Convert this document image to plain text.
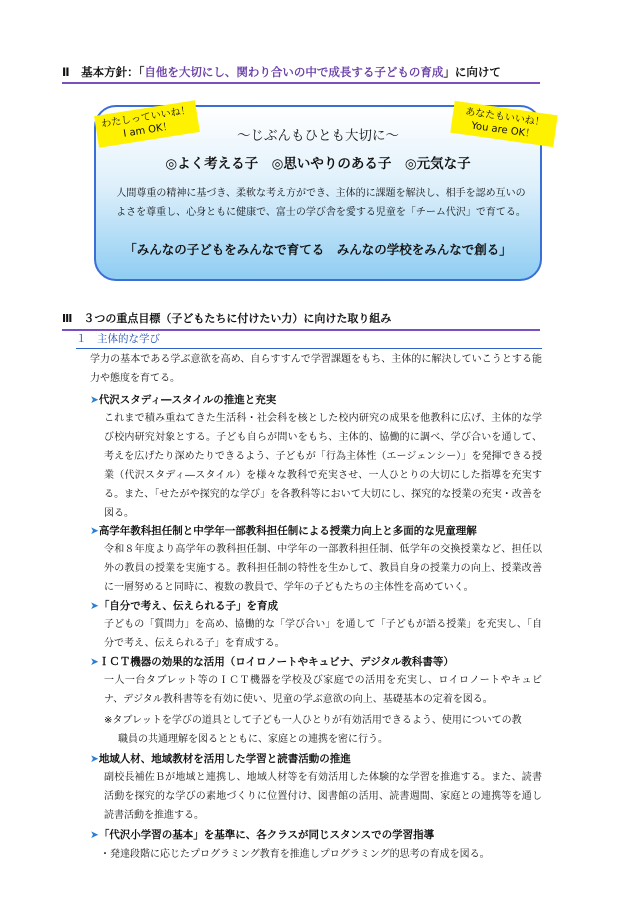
Ⅱ　基本方針：「自他を大切にし、関わり合いの中で成長する子どもの育成」に向けて
わたしっていいね！
I am OK！
あなたもいいね！
You are OK！
～じぶんもひとも大切に～
◎よく考える子　◎思いやりのある子　◎元気な子
人間尊重の精神に基づき、柔軟な考え方ができ、主体的に課題を解決し、相手を認め互いのよさを尊重し、心身ともに健康で、富士の学び舎を愛する児童を「チーム代沢」で育てる。
「みんなの子どもをみんなで育てる　みんなの学校をみんなで創る」
Ⅲ　３つの重点目標（子どもたちに付けたい力）に向けた取り組み
１　主体的な学び
学力の基本である学ぶ意欲を高め、自らすすんで学習課題をもち、主体的に解決していこうとする能力や態度を育てる。
➤代沢スタディ―スタイルの推進と充実
これまで積み重ねてきた生活科・社会科を核とした校内研究の成果を他教科に広げ、主体的な学び校内研究対象とする。子ども自らが問いをもち、主体的、協働的に調べ、学び合いを通して、考えを広げたり深めたりできるよう、子どもが「行為主体性（エージェンシー）」を発揮できる授業（代沢スタディ―スタイル）を様々な教科で充実させ、一人ひとりの大切にした指導を充実する。また、「せたがや探究的な学び」を各教科等において大切にし、探究的な授業の充実・改善を図る。
➤高学年教科担任制と中学年一部教科担任制による授業力向上と多面的な児童理解
令和８年度より高学年の教科担任制、中学年の一部教科担任制、低学年の交換授業など、担任以外の教員の授業を実施する。教科担任制の特性を生かして、教員自身の授業力の向上、授業改善に一層努めると同時に、複数の教員で、学年の子どもたちの主体性を高めていく。
➤「自分で考え、伝えられる子」を育成
子どもの「質問力」を高め、協働的な「学び合い」を通して「子どもが語る授業」を充実し、「自分で考え、伝えられる子」を育成する。
➤ＩＣＴ機器の効果的な活用（ロイロノートやキュビナ、デジタル教科書等）
一人一台タブレット等のＩＣＴ機器を学校及び家庭での活用を充実し、ロイロノートやキュビナ、デジタル教科書等を有効に使い、児童の学ぶ意欲の向上、基礎基本の定着を図る。
※タブレットを学びの道具として子ども一人ひとりが有効活用できるよう、使用についての教
職員の共通理解を図るとともに、家庭との連携を密に行う。
➤地域人材、地域教材を活用した学習と読書活動の推進
副校長補佐Ｂが地域と連携し、地域人材等を有効活用した体験的な学習を推進する。また、読書活動を探究的な学びの素地づくりに位置付け、図書館の活用、読書週間、家庭との連携等を通し読書活動を推進する。
➤「代沢小学習の基本」を基準に、各クラスが同じスタンスでの学習指導
・発達段階に応じたプログラミング教育を推進しプログラミング的思考の育成を図る。
